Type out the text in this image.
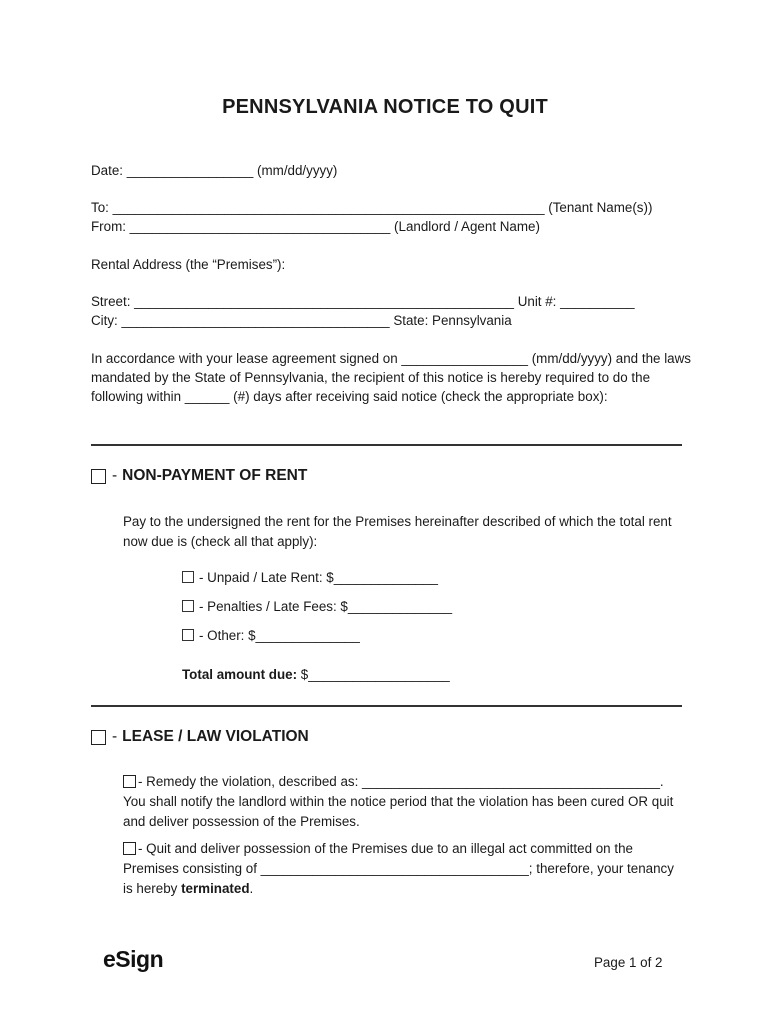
PENNSYLVANIA NOTICE TO QUIT
Date: _________________ (mm/dd/yyyy)
To: __________________________________________________________ (Tenant Name(s))
From: ___________________________________ (Landlord / Agent Name)
Rental Address (the “Premises”):
Street: ___________________________________________________ Unit #: __________
City: ____________________________________ State: Pennsylvania
In accordance with your lease agreement signed on _________________ (mm/dd/yyyy) and the laws mandated by the State of Pennsylvania, the recipient of this notice is hereby required to do the following within ______ (#) days after receiving said notice (check the appropriate box):
- NON-PAYMENT OF RENT
Pay to the undersigned the rent for the Premises hereinafter described of which the total rent now due is (check all that apply):
- Unpaid / Late Rent: $______________
- Penalties / Late Fees: $______________
- Other: $______________
Total amount due: $___________________
- LEASE / LAW VIOLATION
- Remedy the violation, described as: ________________________________________. You shall notify the landlord within the notice period that the violation has been cured OR quit and deliver possession of the Premises.
- Quit and deliver possession of the Premises due to an illegal act committed on the Premises consisting of ____________________________________; therefore, your tenancy is hereby terminated.
eSign	Page 1 of 2
